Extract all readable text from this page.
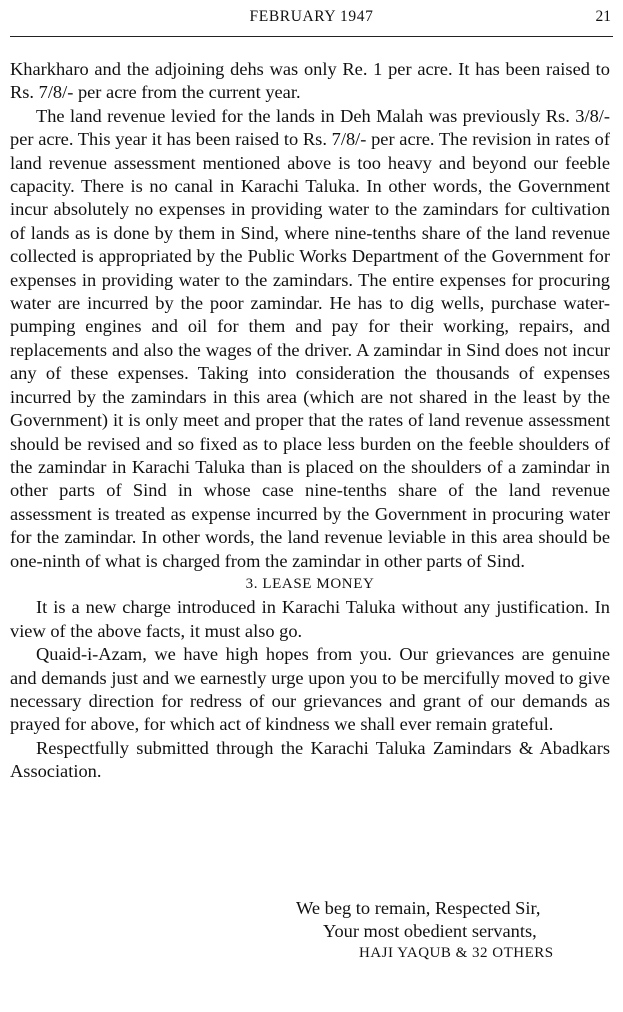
FEBRUARY 1947	21

Kharkharo and the adjoining dehs was only Re. 1 per acre. It has been raised to Rs. 7/8/- per acre from the current year.

The land revenue levied for the lands in Deh Malah was previously Rs. 3/8/- per acre. This year it has been raised to Rs. 7/8/- per acre. The revision in rates of land revenue assessment mentioned above is too heavy and beyond our feeble capacity. There is no canal in Karachi Taluka. In other words, the Government incur absolutely no expenses in providing water to the zamindars for cultivation of lands as is done by them in Sind, where nine-tenths share of the land revenue collected is appropriated by the Public Works Department of the Government for expenses in providing water to the zamindars. The entire expenses for procuring water are incurred by the poor zamindar. He has to dig wells, purchase water-pumping engines and oil for them and pay for their working, repairs, and replacements and also the wages of the driver. A zamindar in Sind does not incur any of these expenses. Taking into consideration the thousands of expenses incurred by the zamindars in this area (which are not shared in the least by the Government) it is only meet and proper that the rates of land revenue assessment should be revised and so fixed as to place less burden on the feeble shoulders of the zamindar in Karachi Taluka than is placed on the shoulders of a zamindar in other parts of Sind in whose case nine-tenths share of the land revenue assessment is treated as expense incurred by the Government in procuring water for the zamindar. In other words, the land revenue leviable in this area should be one-ninth of what is charged from the zamindar in other parts of Sind.

3. LEASE MONEY

It is a new charge introduced in Karachi Taluka without any justification. In view of the above facts, it must also go.

Quaid-i-Azam, we have high hopes from you. Our grievances are genuine and demands just and we earnestly urge upon you to be mercifully moved to give necessary direction for redress of our grievances and grant of our demands as prayed for above, for which act of kindness we shall ever remain grateful.

Respectfully submitted through the Karachi Taluka Zamindars & Abadkars Association.

We beg to remain, Respected Sir,
Your most obedient servants,
HAJI YAQUB & 32 OTHERS
